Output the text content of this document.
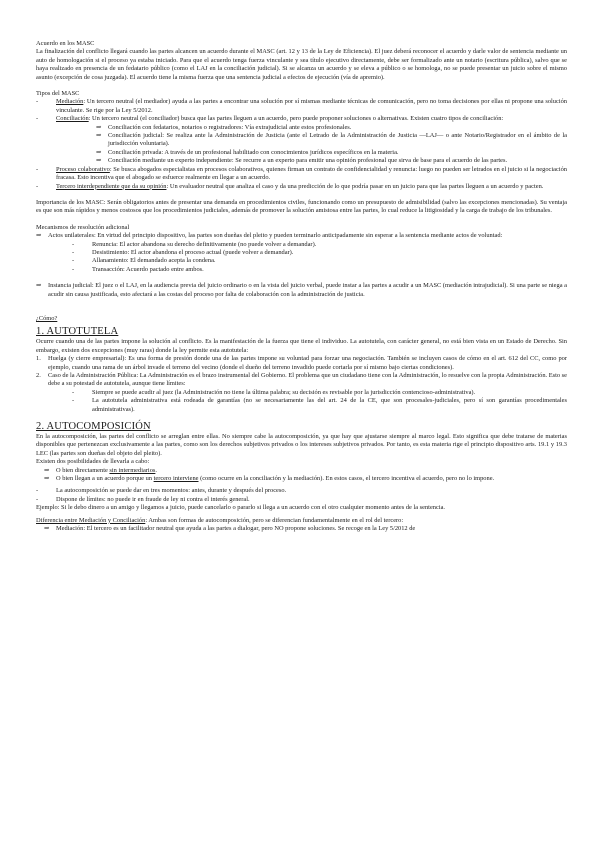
Acuerdo en los MASC

La finalización del conflicto llegará cuando las partes alcancen un acuerdo durante el MASC (art. 12 y 13 de la Ley de Eficiencia). El juez deberá reconocer el acuerdo y darle valor de sentencia mediante un auto de homologación si el proceso ya estaba iniciado. Para que el acuerdo tenga fuerza vinculante y sea título ejecutivo directamente, debe ser formalizado ante un notario (escritura pública), salvo que se haya realizado en presencia de un fedatario público (como el LAJ en la conciliación judicial). Si se alcanza un acuerdo y se eleva a público o se homologa, no se puede presentar un juicio sobre el mismo asunto (excepción de cosa juzgada). El acuerdo tiene la misma fuerza que una sentencia judicial a efectos de ejecución (vía de apremio).

Tipos del MASC

-	Mediación: Un tercero neutral (el mediador) ayuda a las partes a encontrar una solución por sí mismas mediante técnicas de comunicación, pero no toma decisiones por ellas ni propone una solución vinculante. Se rige por la Ley 5/2012.
-	Conciliación: Un tercero neutral (el conciliador) busca que las partes lleguen a un acuerdo, pero puede proponer soluciones o alternativas. Existen cuatro tipos de conciliación:
⇒	Conciliación con fedatarios, notarios o registradores: Vía extrajudicial ante estos profesionales.
⇒	Conciliación judicial: Se realiza ante la Administración de Justicia (ante el Letrado de la Administración de Justicia —LAJ— o ante Notario/Registrador en el ámbito de la jurisdicción voluntaria).
⇒	Conciliación privada: A través de un profesional habilitado con conocimientos jurídicos específicos en la materia.
⇒	Conciliación mediante un experto independiente: Se recurre a un experto para emitir una opinión profesional que sirva de base para el acuerdo de las partes.
-	Proceso colaborativo: Se busca abogados especialistas en procesos colaborativos, quienes firman un contrato de confidencialidad y renuncia: luego no pueden ser letrados en el juicio si la negociación fracasa. Esto incentiva que el abogado se esfuerce realmente en llegar a un acuerdo.
-	Tercero interdependiente que da su opinión: Un evaluador neutral que analiza el caso y da una predicción de lo que podría pasar en un juicio para que las partes lleguen a un acuerdo y pacten.

Importancia de los MASC: Serán obligatorios antes de presentar una demanda en procedimientos civiles, funcionando como un presupuesto de admisibilidad (salvo las excepciones mencionadas). Su ventaja es que son más rápidos y menos costosos que los procedimientos judiciales, además de promover la solución amistosa entre las partes, lo cual reduce la litigiosidad y la carga de trabajo de los tribunales.

Mecanismos de resolución adicional

⇒	Actos unilaterales: En virtud del principio dispositivo, las partes son dueñas del pleito y pueden terminarlo anticipadamente sin esperar a la sentencia mediante actos de voluntad:
-	Renuncia: El actor abandona su derecho definitivamente (no puede volver a demandar).
-	Desistimiento: El actor abandona el proceso actual (puede volver a demandar).
-	Allanamiento: El demandado acepta la condena.
-	Transacción: Acuerdo pactado entre ambos.
⇒	Instancia judicial: El juez o el LAJ, en la audiencia previa del juicio ordinario o en la vista del juicio verbal, puede instar a las partes a acudir a un MASC (mediación intrajudicial). Si una parte se niega a acudir sin causa justificada, esto afectará a las costas del proceso por falta de colaboración con la administración de justicia.

¿Cómo?

1. AUTOTUTELA

Ocurre cuando una de las partes impone la solución al conflicto. Es la manifestación de la fuerza que tiene el individuo. La autotutela, con carácter general, no está bien vista en un Estado de Derecho. Sin embargo, existen dos excepciones (muy raras) donde la ley permite esta autotutela:

1.	Huelga (y cierre empresarial): Es una forma de presión donde una de las partes impone su voluntad para forzar una negociación. También se incluyen casos de cómo en el art. 612 del CC, como por ejemplo, cuando una rama de un árbol invade el terreno del vecino (donde el dueño del terreno invadido puede cortarla por sí mismo bajo ciertas condiciones).
2.	Caso de la Administración Pública: La Administración es el brazo instrumental del Gobierno. El problema que un ciudadano tiene con la Administración, lo resuelve con la propia Administración. Esto se debe a su potestad de autotutela, aunque tiene límites:
-	Siempre se puede acudir al juez (la Administración no tiene la última palabra; su decisión es revisable por la jurisdicción contencioso-administrativa).
-	La autotutela administrativa está rodeada de garantías (no se necesariamente las del art. 24 de la CE, que son procesales-judiciales, pero sí son garantías procedimentales administrativas).

2. AUTOCOMPOSICIÓN

En la autocomposición, las partes del conflicto se arreglan entre ellas. No siempre cabe la autocomposición, ya que hay que ajustarse siempre al marco legal. Esto significa que debe tratarse de materias disponibles que pertenezcan exclusivamente a las partes, como son los derechos subjetivos privados o los intereses subjetivos privados. Por tanto, es esta materia rige el principio dispositivo arts. 19.1 y 19.3 LEC (las partes son dueñas del objeto del pleito).

Existen dos posibilidades de llevarla a cabo:

⇒	O bien directamente sin intermediarios.
⇒	O bien llegan a un acuerdo porque un tercero interviene (como ocurre en la conciliación y la mediación). En estos casos, el tercero incentiva el acuerdo, pero no lo impone.
-	La autocomposición se puede dar en tres momentos: antes, durante y después del proceso.
-	Dispone de límites: no puede ir en fraude de ley ni contra el interés general.

Ejemplo: Si le debo dinero a un amigo y llegamos a juicio, puede cancelarlo o pararlo si llega a un acuerdo con el otro cualquier momento antes de la sentencia.

Diferencia entre Mediación y Conciliación: Ambas son formas de autocomposición, pero se diferencian fundamentalmente en el rol del tercero:

⇒	Mediación: El tercero es un facilitador neutral que ayuda a las partes a dialogar, pero NO propone soluciones. Se recoge en la Ley 5/2012 de
